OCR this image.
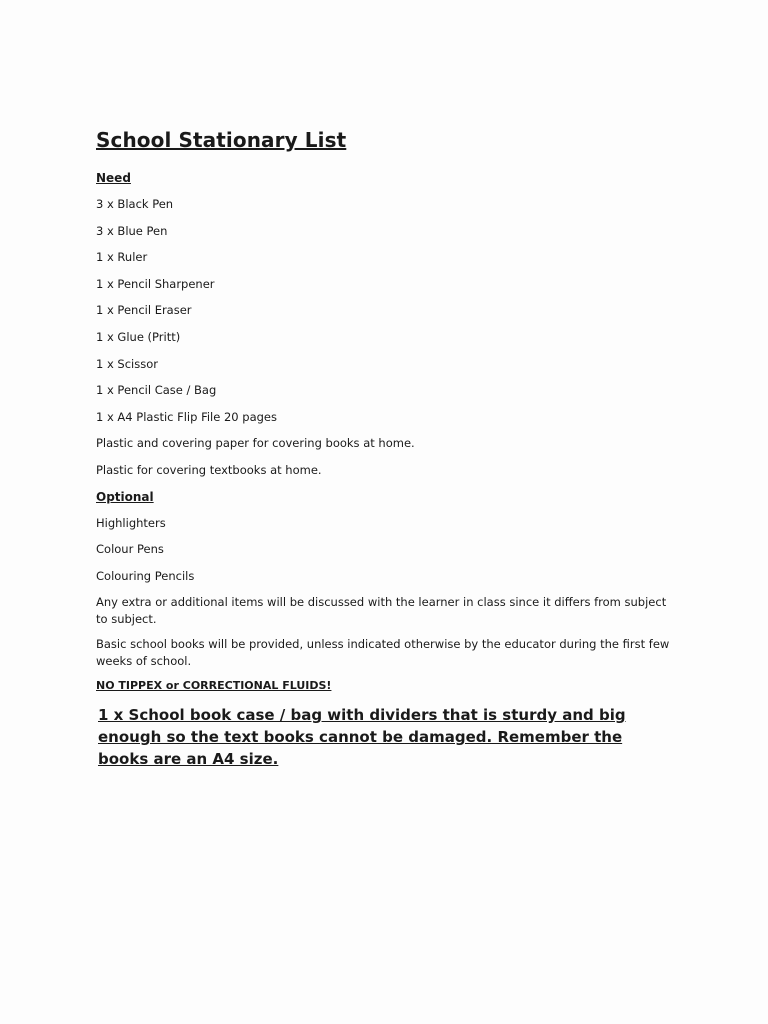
School Stationary List
Need
3 x Black Pen
3 x Blue Pen
1 x Ruler
1 x Pencil Sharpener
1 x Pencil Eraser
1 x Glue (Pritt)
1 x Scissor
1 x Pencil Case / Bag
1 x A4 Plastic Flip File 20 pages
Plastic and covering paper for covering books at home.
Plastic for covering textbooks at home.
Optional
Highlighters
Colour Pens
Colouring Pencils
Any extra or additional items will be discussed with the learner in class since it differs from subject to subject.
Basic school books will be provided, unless indicated otherwise by the educator during the first few weeks of school.
NO TIPPEX or CORRECTIONAL FLUIDS!
1 x School book case / bag with dividers that is sturdy and big enough so the text books cannot be damaged. Remember the books are an A4 size.
